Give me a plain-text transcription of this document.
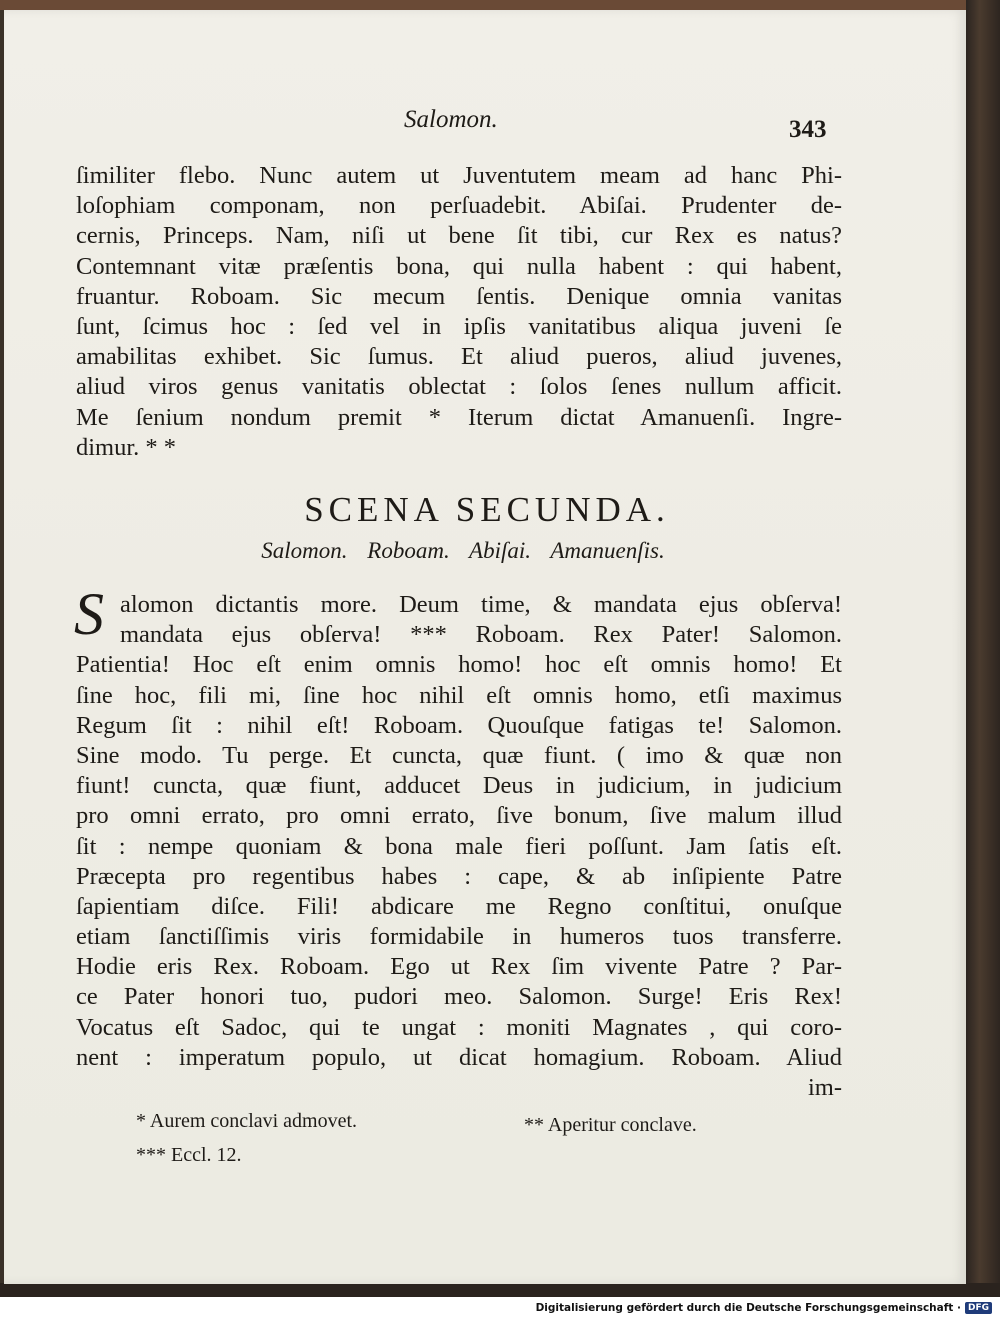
Salomon.	343
ſimiliter flebo. Nunc autem ut Juventutem meam ad hanc Phi-
loſophiam componam, non perſuadebit. Abiſai. Prudenter de-
cernis, Princeps. Nam, niſi ut bene ſit tibi, cur Rex es natus?
Contemnant vitæ præſentis bona, qui nulla habent : qui habent,
fruantur. Roboam. Sic mecum ſentis. Denique omnia vanitas
ſunt, ſcimus hoc : ſed vel in ipſis vanitatibus aliqua juveni ſe
amabilitas exhibet. Sic ſumus. Et aliud pueros, aliud juvenes,
aliud viros genus vanitatis oblectat : ſolos ſenes nullum afficit.
Me ſenium nondum premit * Iterum dictat Amanuenſi. Ingre-
dimur. * *
SCENA SECUNDA.
Salomon. Roboam. Abiſai. Amanuenſis.
S alomon dictantis more. Deum time, & mandata ejus obſerva!
mandata ejus obſerva! *** Roboam. Rex Pater! Salomon.
Patientia! Hoc eſt enim omnis homo! hoc eſt omnis homo! Et
ſine hoc, fili mi, ſine hoc nihil eſt omnis homo, etſi maximus
Regum ſit : nihil eſt! Roboam. Quouſque fatigas te! Salomon.
Sine modo. Tu perge. Et cuncta, quæ fiunt. ( imo & quæ non
fiunt! cuncta, quæ fiunt, adducet Deus in judicium, in judicium
pro omni errato, pro omni errato, ſive bonum, ſive malum illud
ſit : nempe quoniam & bona male fieri poſſunt. Jam ſatis eſt.
Præcepta pro regentibus habes : cape, & ab inſipiente Patre
ſapientiam diſce. Fili! abdicare me Regno conſtitui, onuſque
etiam ſanctiſſimis viris formidabile in humeros tuos transferre.
Hodie eris Rex. Roboam. Ego ut Rex ſim vivente Patre ? Par-
ce Pater honori tuo, pudori meo. Salomon. Surge! Eris Rex!
Vocatus eſt Sadoc, qui te ungat : moniti Magnates , qui coro-
nent : imperatum populo, ut dicat homagium. Roboam. Aliud
im-
* Aurem conclavi admovet.	** Aperitur conclave.
*** Eccl. 12.
Digitalisierung gefördert durch die Deutsche Forschungsgemeinschaft · DFG
